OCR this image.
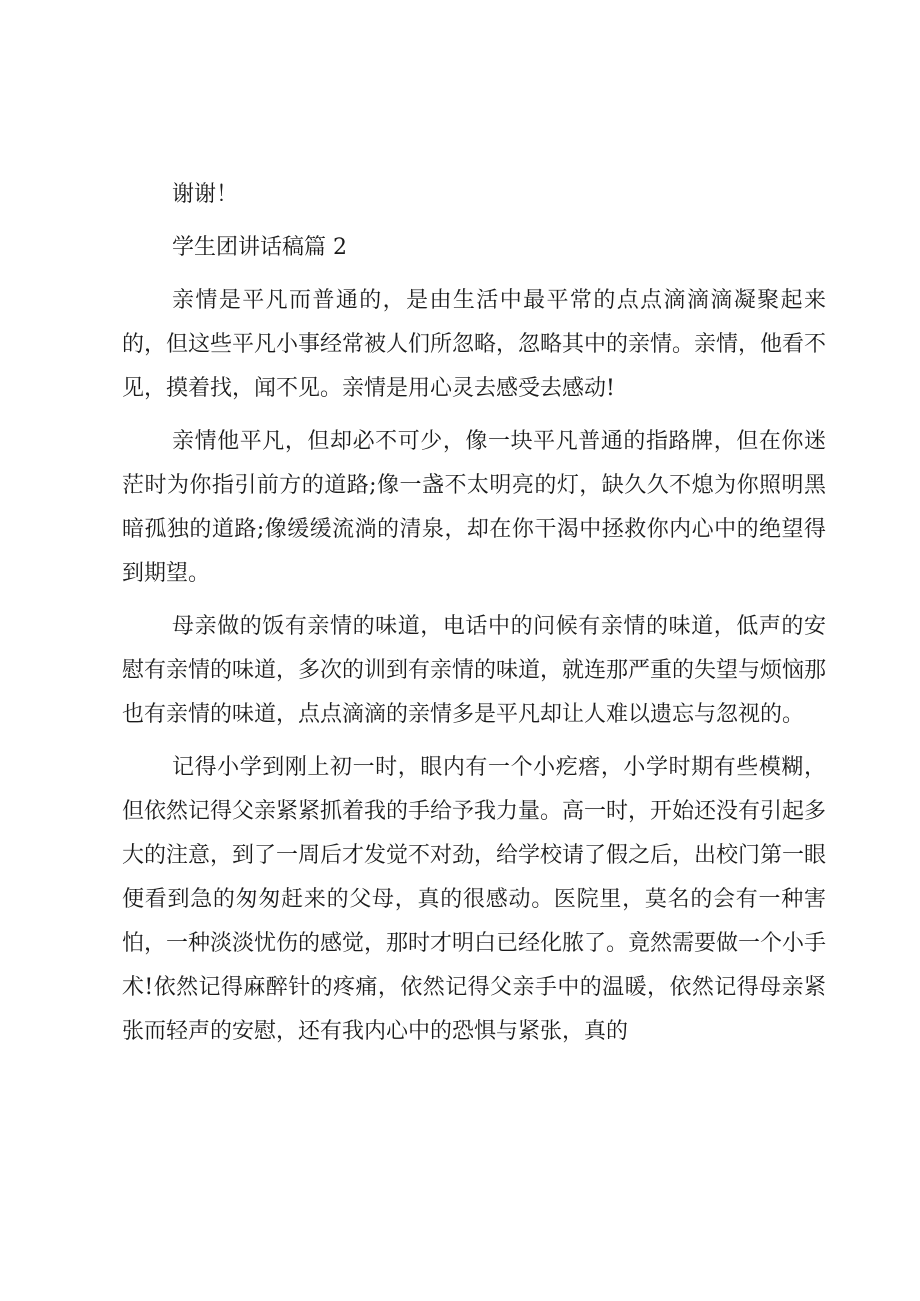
谢谢！

学生团讲话稿篇 2

亲情是平凡而普通的，是由生活中最平常的点点滴滴滴凝聚起来的，但这些平凡小事经常被人们所忽略，忽略其中的亲情。亲情，他看不见，摸着找，闻不见。亲情是用心灵去感受去感动!

亲情他平凡，但却必不可少，像一块平凡普通的指路牌，但在你迷茫时为你指引前方的道路;像一盏不太明亮的灯，缺久久不熄为你照明黑暗孤独的道路;像缓缓流淌的清泉，却在你干渴中拯救你内心中的绝望得到期望。

母亲做的饭有亲情的味道，电话中的问候有亲情的味道，低声的安慰有亲情的味道，多次的训到有亲情的味道，就连那严重的失望与烦恼那也有亲情的味道，点点滴滴的亲情多是平凡却让人难以遗忘与忽视的。

记得小学到刚上初一时，眼内有一个小疙瘩，小学时期有些模糊，但依然记得父亲紧紧抓着我的手给予我力量。高一时，开始还没有引起多大的注意，到了一周后才发觉不对劲，给学校请了假之后，出校门第一眼便看到急的匆匆赶来的父母，真的很感动。医院里，莫名的会有一种害怕，一种淡淡忧伤的感觉，那时才明白已经化脓了。竟然需要做一个小手术!依然记得麻醉针的疼痛，依然记得父亲手中的温暖，依然记得母亲紧张而轻声的安慰，还有我内心中的恐惧与紧张，真的
